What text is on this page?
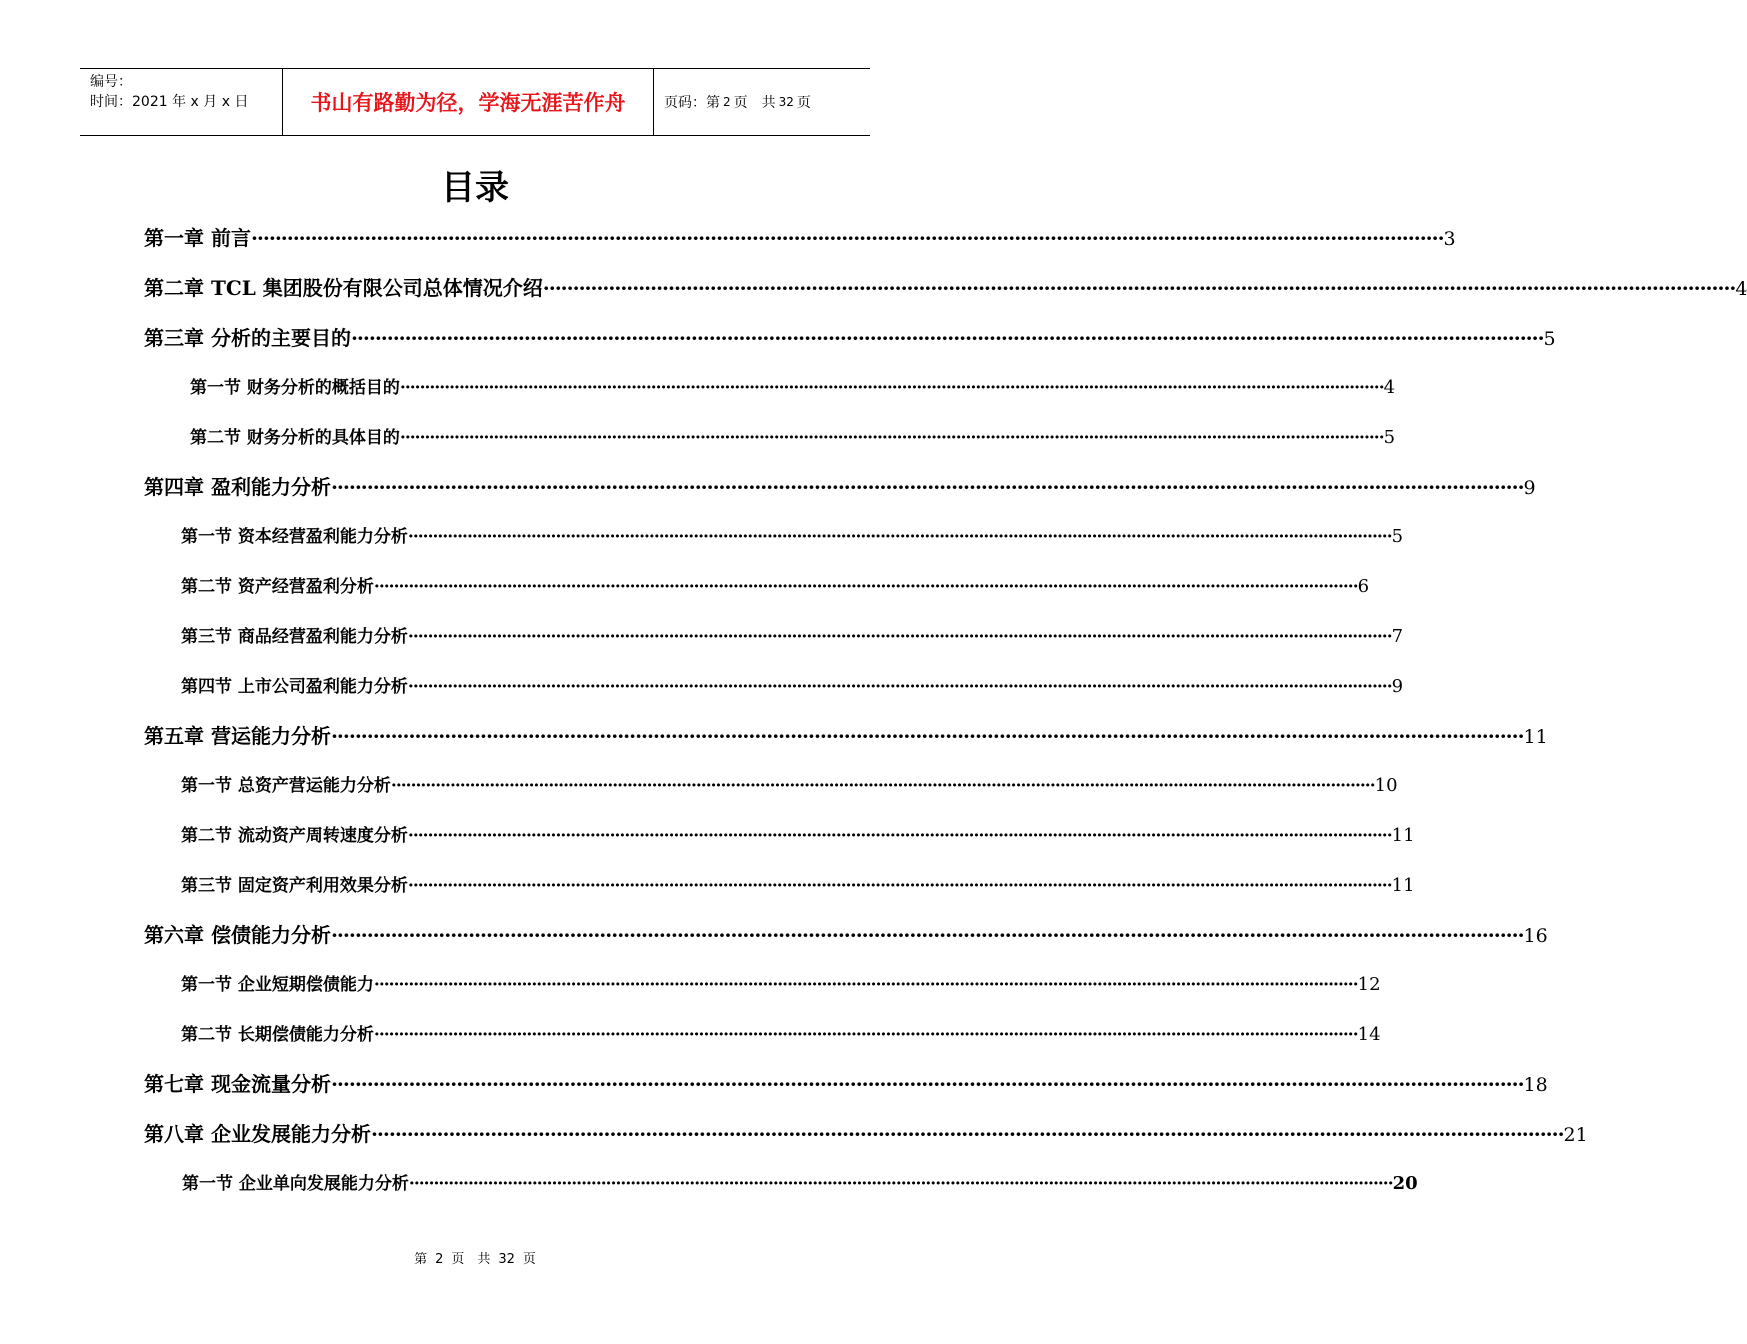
编号：
时间：2021 年 x 月 x 日	书山有路勤为径，学海无涯苦作舟	页码：第 2 页　共 32 页
目录
第一章 前言 ········································································································································································································ 3
第二章 TCL 集团股份有限公司总体情况介绍 ········································································································································································································ 4
第三章 分析的主要目的 ········································································································································································································ 5
第一节 财务分析的概括目的 ········································································································································································································ 4
第二节 财务分析的具体目的 ········································································································································································································ 5
第四章 盈利能力分析 ········································································································································································································ 9
第一节 资本经营盈利能力分析 ········································································································································································································ 5
第二节 资产经营盈利分析 ········································································································································································································ 6
第三节 商品经营盈利能力分析 ········································································································································································································ 7
第四节 上市公司盈利能力分析 ········································································································································································································ 9
第五章 营运能力分析 ········································································································································································································ 11
第一节 总资产营运能力分析 ········································································································································································································ 10
第二节 流动资产周转速度分析 ········································································································································································································ 11
第三节 固定资产利用效果分析 ········································································································································································································ 11
第六章 偿债能力分析 ········································································································································································································ 16
第一节 企业短期偿债能力 ········································································································································································································ 12
第二节 长期偿债能力分析 ········································································································································································································ 14
第七章 现金流量分析 ········································································································································································································ 18
第八章 企业发展能力分析 ········································································································································································································ 21
第一节 企业单向发展能力分析 ········································································································································································································ 20
第 2 页　共 32 页
